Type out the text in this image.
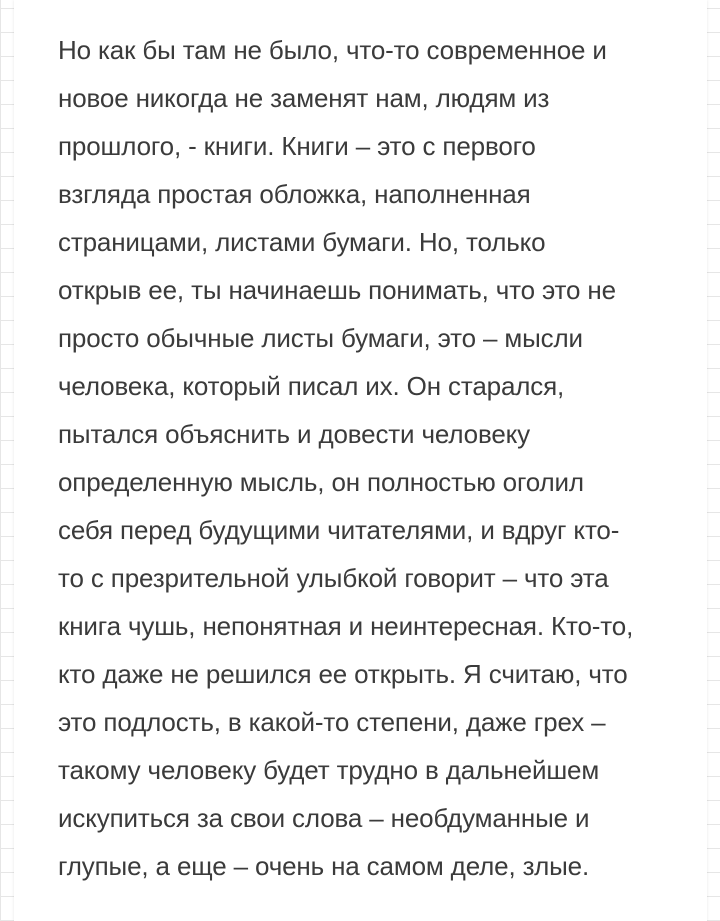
Но как бы там не было, что-то современное и
новое никогда не заменят нам, людям из
прошлого, - книги. Книги – это с первого
взгляда простая обложка, наполненная
страницами, листами бумаги. Но, только
открыв ее, ты начинаешь понимать, что это не
просто обычные листы бумаги, это – мысли
человека, который писал их. Он старался,
пытался объяснить и довести человеку
определенную мысль, он полностью оголил
себя перед будущими читателями, и вдруг кто-
то с презрительной улыбкой говорит – что эта
книга чушь, непонятная и неинтересная. Кто-то,
кто даже не решился ее открыть. Я считаю, что
это подлость, в какой-то степени, даже грех –
такому человеку будет трудно в дальнейшем
искупиться за свои слова – необдуманные и
глупые, а еще – очень на самом деле, злые.
